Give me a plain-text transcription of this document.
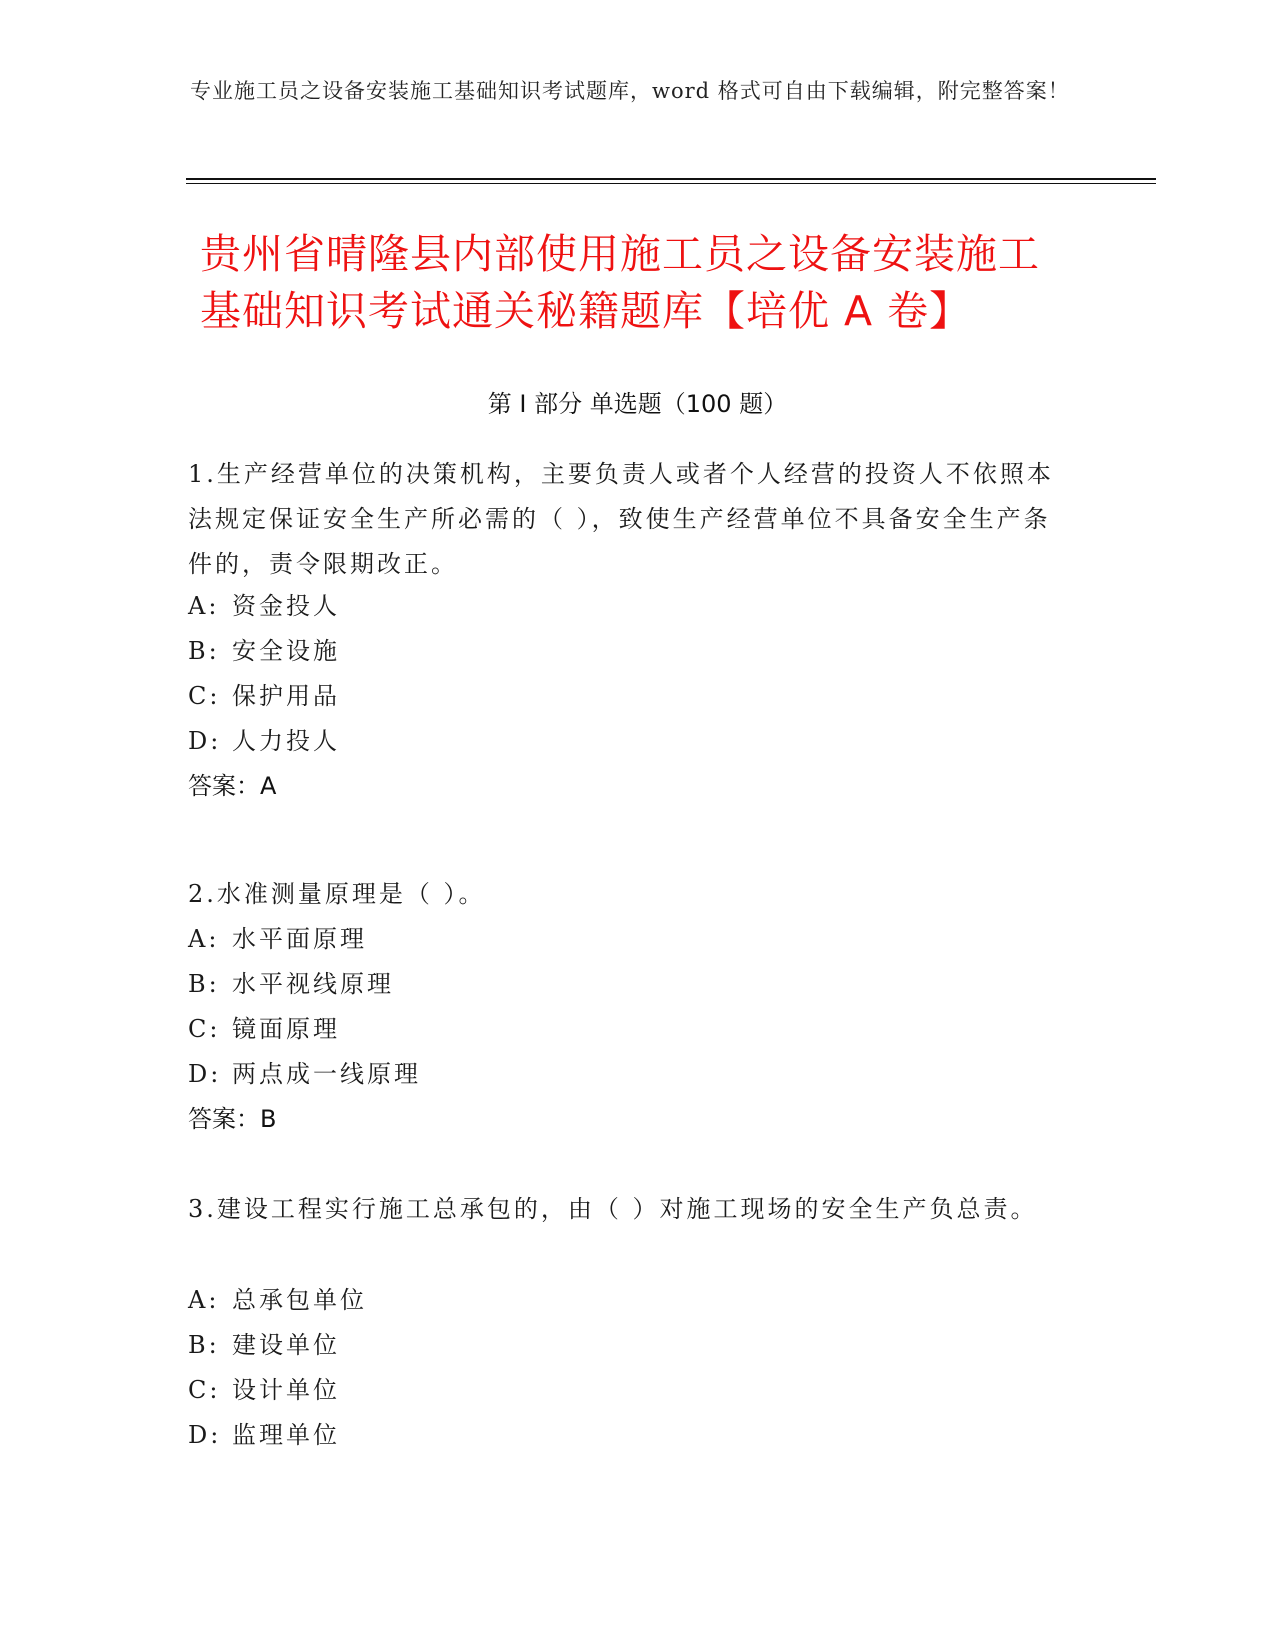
专业施工员之设备安装施工基础知识考试题库，word 格式可自由下载编辑，附完整答案！
贵州省晴隆县内部使用施工员之设备安装施工基础知识考试通关秘籍题库【培优 A 卷】
第 I 部分 单选题（100 题）
1.生产经营单位的决策机构，主要负责人或者个人经营的投资人不依照本法规定保证安全生产所必需的（ ），致使生产经营单位不具备安全生产条件的，责令限期改正。
A: 资金投人
B: 安全设施
C: 保护用品
D: 人力投人
答案：A
2.水准测量原理是（ ）。
A: 水平面原理
B: 水平视线原理
C: 镜面原理
D: 两点成一线原理
答案：B
3.建设工程实行施工总承包的，由（ ）对施工现场的安全生产负总责。
A: 总承包单位
B: 建设单位
C: 设计单位
D: 监理单位
